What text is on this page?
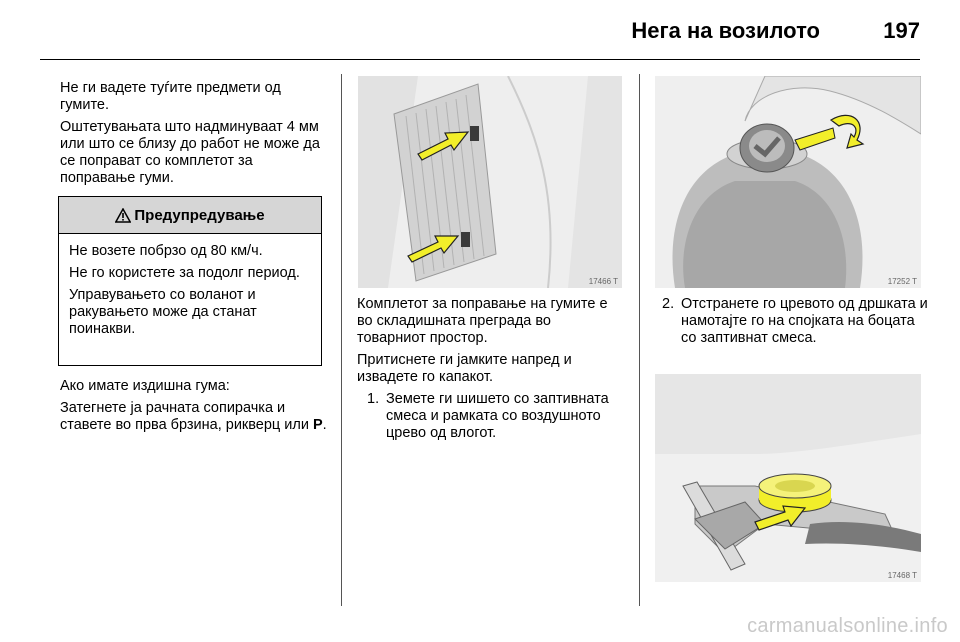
Нега на возилото	197

Не ги вадете туѓите предмети од гумите.

Оштетувањата што надминуваат 4 мм или што се близу до работ не може да се поправат со комплетот за поправање гуми.

Предупредување

Не возете побрзо од 80 км/ч.

Не го користете за подолг период.

Управувањето со воланот и ракувањето може да станат поинакви.

Ако имате издишна гума:

Затегнете ја рачната сопирачка и ставете во прва брзина, рикверц или P.

17466 T

Комплетот за поправање на гумите е во складишната преграда во товарниот простор.

Притиснете ги јамките напред и извадете го капакот.

1. Земете ги шишето со заптивната смеса и рамката со воздушното црево од влогот.
17252 T
2. Отстранете го цревото од дршката и намотајте го на спојката на боцата со заптивнат смеса.
17468 T
carmanualsonline.info
